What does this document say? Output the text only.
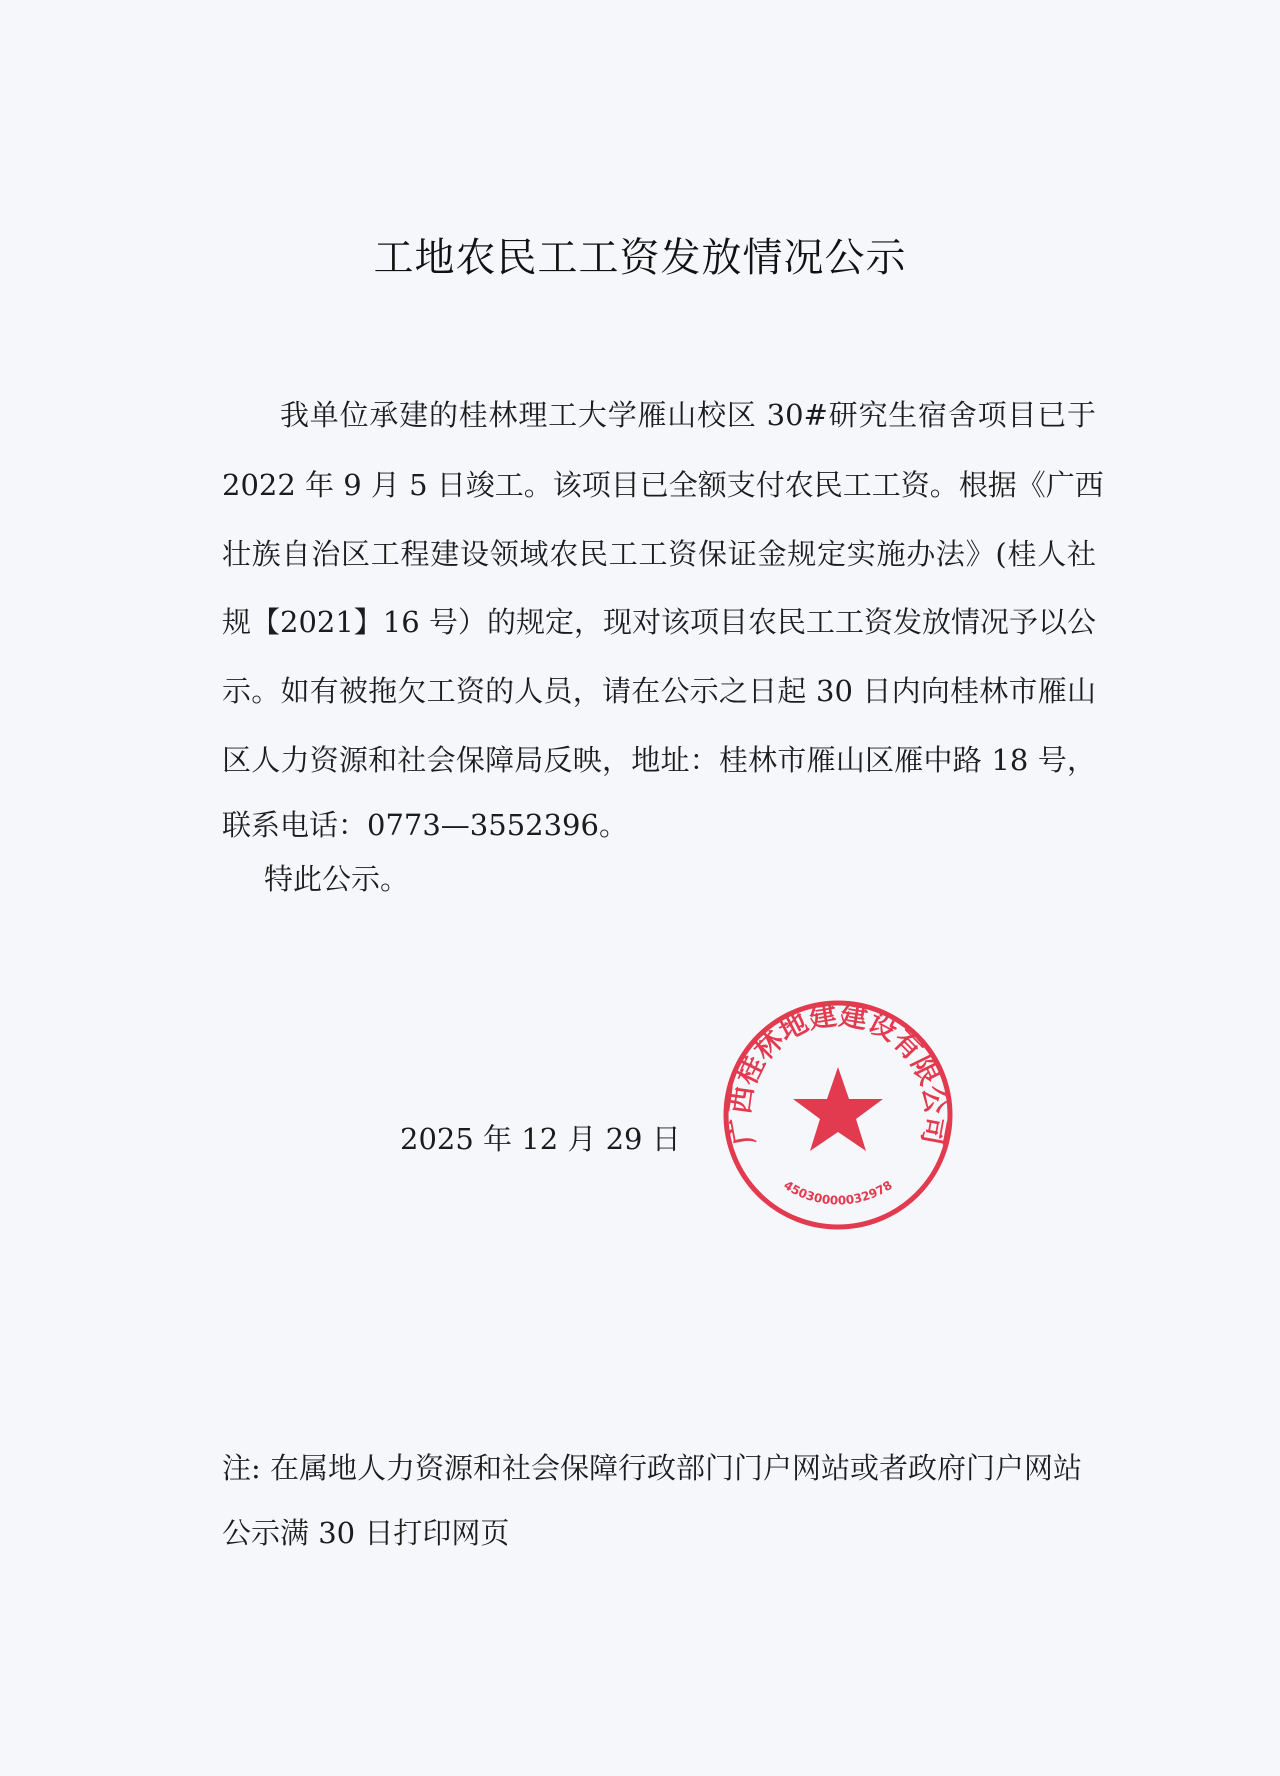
工地农民工工资发放情况公示
我单位承建的桂林理工大学雁山校区 30#研究生宿舍项目已于
2022 年 9 月 5 日竣工。该项目已全额支付农民工工资。根据《广西
壮族自治区工程建设领域农民工工资保证金规定实施办法》(桂人社
规【2021】16 号）的规定，现对该项目农民工工资发放情况予以公
示。如有被拖欠工资的人员，请在公示之日起 30 日内向桂林市雁山
区人力资源和社会保障局反映，地址：桂林市雁山区雁中路 18 号，
联系电话：0773—3552396。
特此公示。
2025 年 12 月 29 日 广西桂林地建建设有限公司
45030000032978
注: 在属地人力资源和社会保障行政部门门户网站或者政府门户网站
公示满 30 日打印网页
